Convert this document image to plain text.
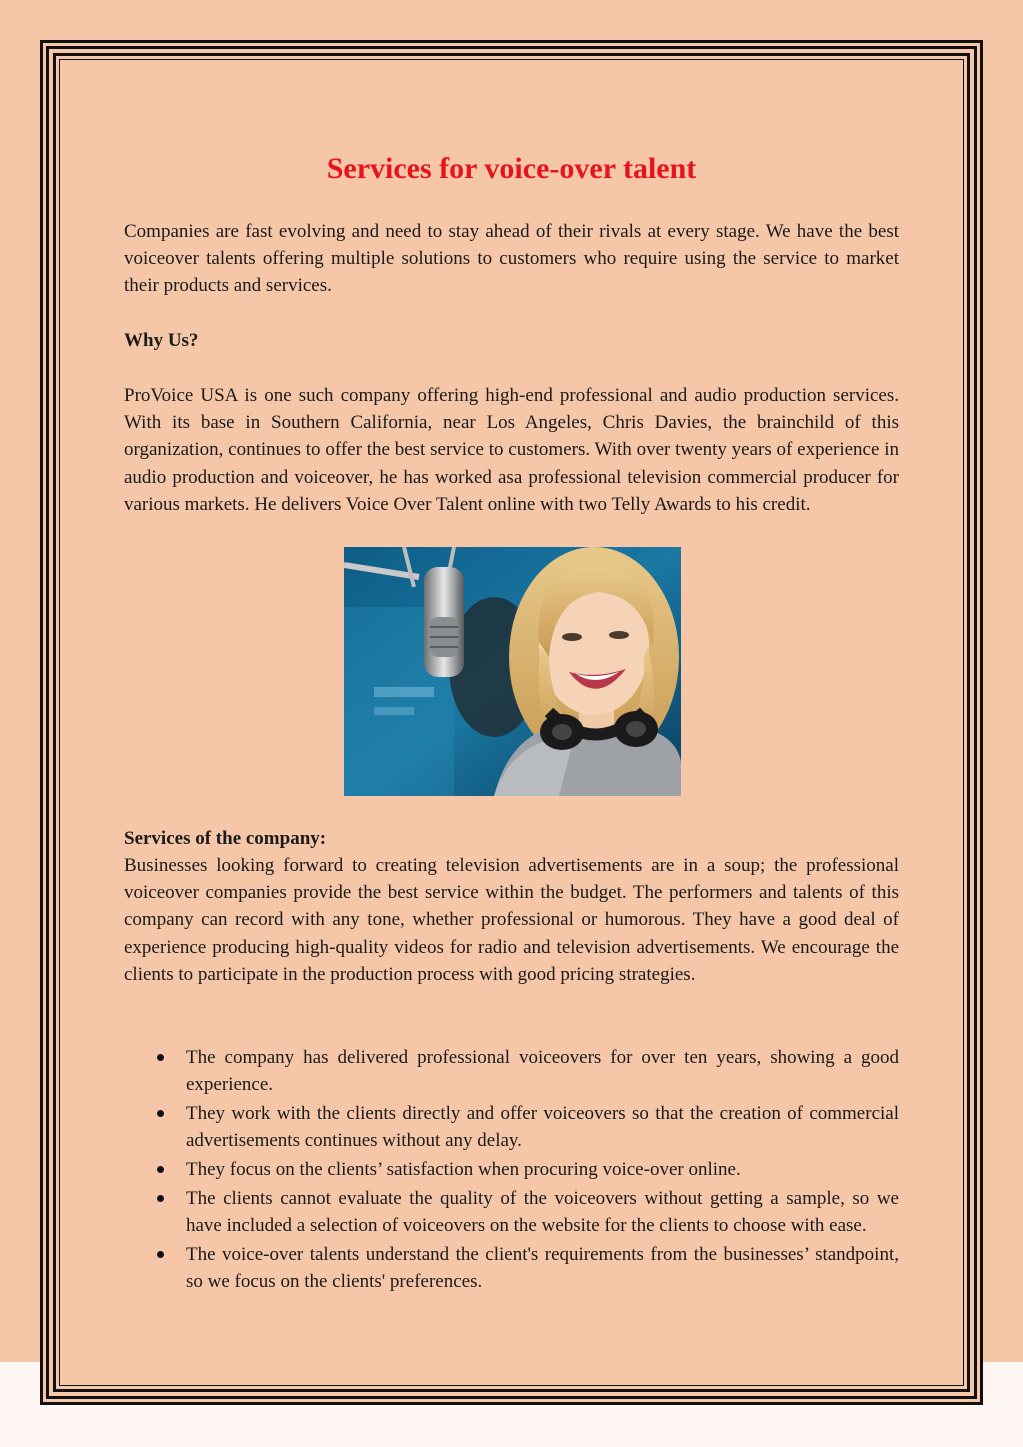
Services for voice-over talent

Companies are fast evolving and need to stay ahead of their rivals at every stage. We have the best voiceover talents offering multiple solutions to customers who require using the service to market their products and services.

Why Us?

ProVoice USA is one such company offering high-end professional and audio production services. With its base in Southern California, near Los Angeles, Chris Davies, the brainchild of this organization, continues to offer the best service to customers. With over twenty years of experience in audio production and voiceover, he has worked asa professional television commercial producer for various markets. He delivers Voice Over Talent online with two Telly Awards to his credit.

Services of the company:

Businesses looking forward to creating television advertisements are in a soup; the professional voiceover companies provide the best service within the budget. The performers and talents of this company can record with any tone, whether professional or humorous. They have a good deal of experience producing high-quality videos for radio and television advertisements. We encourage the clients to participate in the production process with good pricing strategies.

The company has delivered professional voiceovers for over ten years, showing a good experience.
They work with the clients directly and offer voiceovers so that the creation of commercial advertisements continues without any delay.
They focus on the clients’ satisfaction when procuring voice-over online.
The clients cannot evaluate the quality of the voiceovers without getting a sample, so we have included a selection of voiceovers on the website for the clients to choose with ease.
The voice-over talents understand the client's requirements from the businesses’ standpoint, so we focus on the clients' preferences.
